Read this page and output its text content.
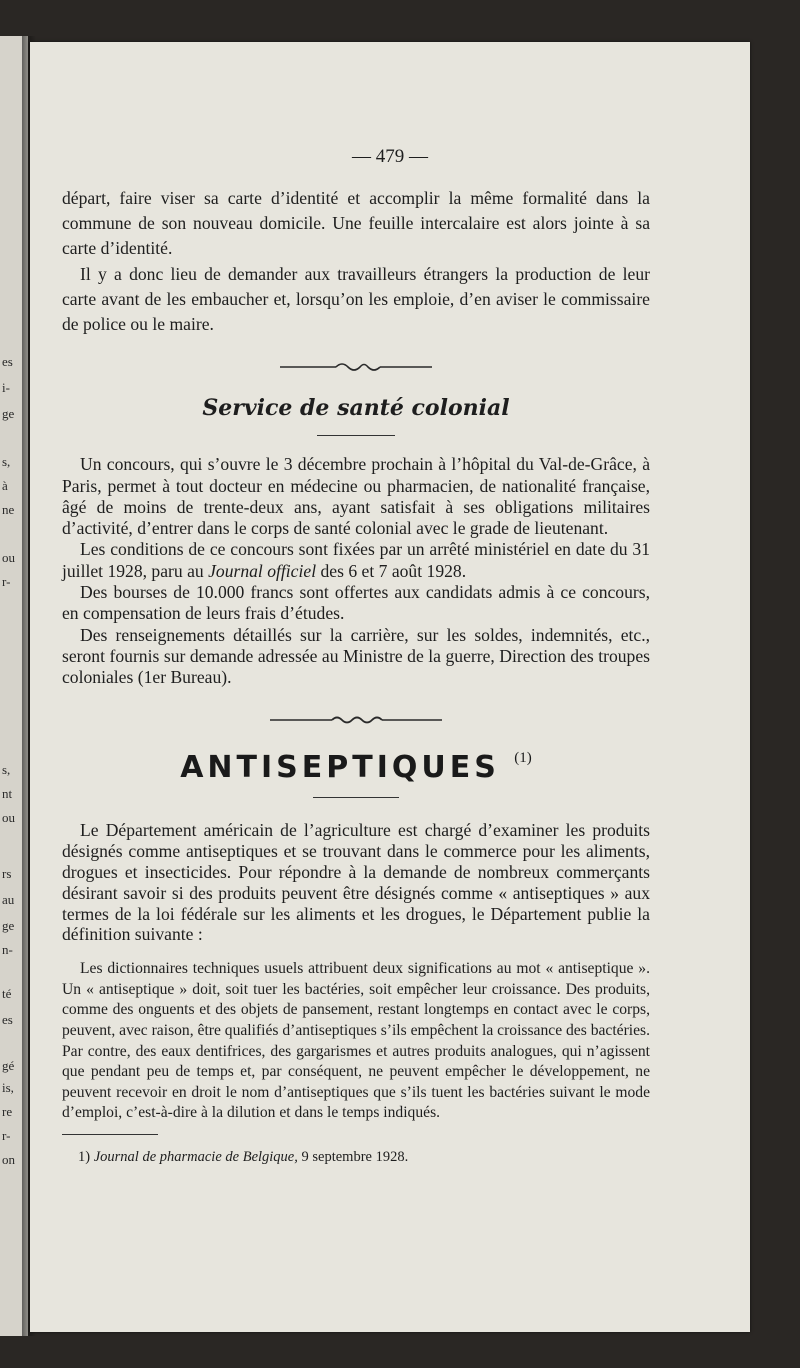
es
i-
ge
s,
à
ne
ou
r-
s,
nt
ou
rs
au
ge
n-
té
es
gé
is,
re
r-
on
— 479 —

départ, faire viser sa carte d’identité et accomplir la même formalité dans la commune de son nouveau domicile. Une feuille intercalaire est alors jointe à sa carte d’identité.

Il y a donc lieu de demander aux travailleurs étrangers la production de leur carte avant de les embaucher et, lorsqu’on les emploie, d’en aviser le commissaire de police ou le maire.

Service de santé colonial

Un concours, qui s’ouvre le 3 décembre prochain à l’hôpital du Val-de-Grâce, à Paris, permet à tout docteur en médecine ou pharmacien, de nationalité française, âgé de moins de trente-deux ans, ayant satisfait à ses obligations militaires d’activité, d’entrer dans le corps de santé colonial avec le grade de lieutenant.

Les conditions de ce concours sont fixées par un arrêté ministériel en date du 31 juillet 1928, paru au Journal officiel des 6 et 7 août 1928.

Des bourses de 10.000 francs sont offertes aux candidats admis à ce concours, en compensation de leurs frais d’études.

Des renseignements détaillés sur la carrière, sur les soldes, indemnités, etc., seront fournis sur demande adressée au Ministre de la guerre, Direction des troupes coloniales (1er Bureau).

ANTISEPTIQUES $^{(1)}$

Le Département américain de l’agriculture est chargé d’examiner les produits désignés comme antiseptiques et se trouvant dans le commerce pour les aliments, drogues et insecticides. Pour répondre à la demande de nombreux commerçants désirant savoir si des produits peuvent être désignés comme « antiseptiques » aux termes de la loi fédérale sur les aliments et les drogues, le Département publie la définition suivante :

Les dictionnaires techniques usuels attribuent deux significations au mot « antiseptique ». Un « antiseptique » doit, soit tuer les bactéries, soit empêcher leur croissance. Des produits, comme des onguents et des objets de pansement, restant longtemps en contact avec le corps, peuvent, avec raison, être qualifiés d’antiseptiques s’ils empêchent la croissance des bactéries. Par contre, des eaux dentifrices, des gargarismes et autres produits analogues, qui n’agissent que pendant peu de temps et, par conséquent, ne peuvent empêcher le développement, ne peuvent recevoir en droit le nom d’antiseptiques que s’ils tuent les bactéries suivant le mode d’emploi, c’est-à-dire à la dilution et dans le temps indiqués.

1) Journal de pharmacie de Belgique, 9 septembre 1928.
